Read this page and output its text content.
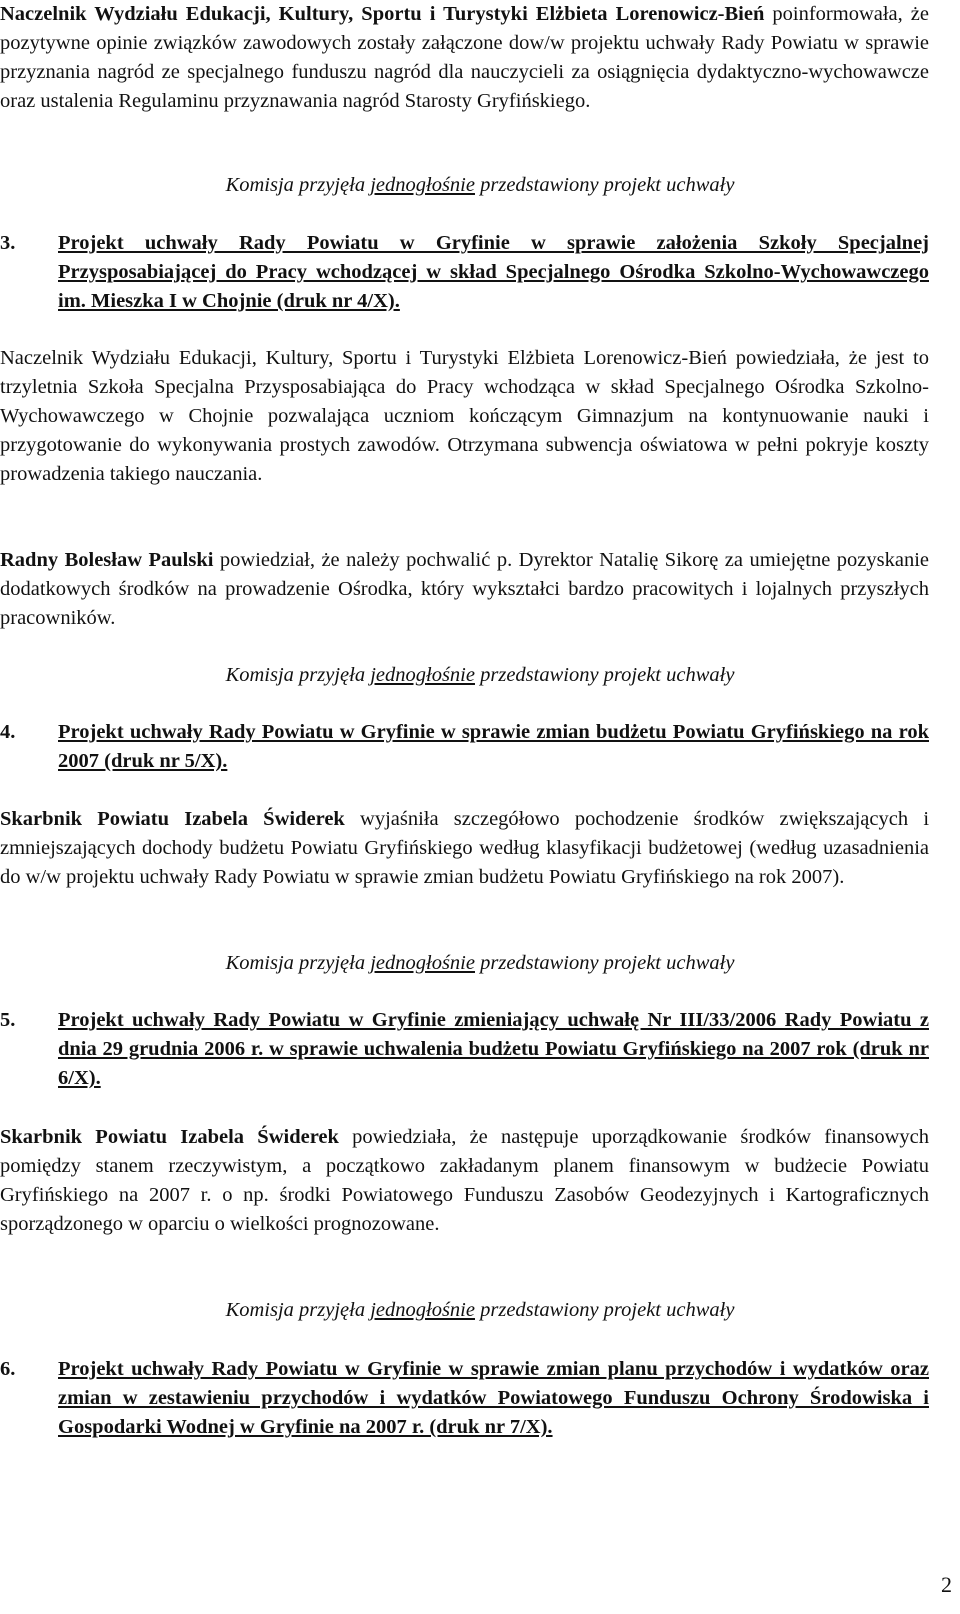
Naczelnik Wydziału Edukacji, Kultury, Sportu i Turystyki Elżbieta Lorenowicz-Bień poinformowała, że pozytywne opinie związków zawodowych zostały załączone dow/w projektu uchwały Rady Powiatu w sprawie przyznania nagród ze specjalnego funduszu nagród dla nauczycieli za osiągnięcia dydaktyczno-wychowawcze oraz ustalenia Regulaminu przyznawania nagród Starosty Gryfińskiego.

Komisja przyjęła jednogłośnie przedstawiony projekt uchwały

3. Projekt uchwały Rady Powiatu w Gryfinie w sprawie założenia Szkoły Specjalnej Przysposabiającej do Pracy wchodzącej w skład Specjalnego Ośrodka Szkolno-Wychowawczego im. Mieszka I w Chojnie (druk nr 4/X).

Naczelnik Wydziału Edukacji, Kultury, Sportu i Turystyki Elżbieta Lorenowicz-Bień powiedziała, że jest to trzyletnia Szkoła Specjalna Przysposabiająca do Pracy wchodząca w skład Specjalnego Ośrodka Szkolno-Wychowawczego w Chojnie pozwalająca uczniom kończącym Gimnazjum na kontynuowanie nauki i przygotowanie do wykonywania prostych zawodów. Otrzymana subwencja oświatowa w pełni pokryje koszty prowadzenia takiego nauczania.

Radny Bolesław Paulski powiedział, że należy pochwalić p. Dyrektor Natalię Sikorę za umiejętne pozyskanie dodatkowych środków na prowadzenie Ośrodka, który wykształci bardzo pracowitych i lojalnych przyszłych pracowników.

Komisja przyjęła jednogłośnie przedstawiony projekt uchwały

4. Projekt uchwały Rady Powiatu w Gryfinie w sprawie zmian budżetu Powiatu Gryfińskiego na rok 2007 (druk nr 5/X).

Skarbnik Powiatu Izabela Świderek wyjaśniła szczegółowo pochodzenie środków zwiększających i zmniejszających dochody budżetu Powiatu Gryfińskiego według klasyfikacji budżetowej (według uzasadnienia do w/w projektu uchwały Rady Powiatu w sprawie zmian budżetu Powiatu Gryfińskiego na rok 2007).

Komisja przyjęła jednogłośnie przedstawiony projekt uchwały

5. Projekt uchwały Rady Powiatu w Gryfinie zmieniający uchwałę Nr III/33/2006 Rady Powiatu z dnia 29 grudnia 2006 r. w sprawie uchwalenia budżetu Powiatu Gryfińskiego na 2007 rok (druk nr 6/X).

Skarbnik Powiatu Izabela Świderek powiedziała, że następuje uporządkowanie środków finansowych pomiędzy stanem rzeczywistym, a początkowo zakładanym planem finansowym w budżecie Powiatu Gryfińskiego na 2007 r. o np. środki Powiatowego Funduszu Zasobów Geodezyjnych i Kartograficznych sporządzonego w oparciu o wielkości prognozowane.

Komisja przyjęła jednogłośnie przedstawiony projekt uchwały

6. Projekt uchwały Rady Powiatu w Gryfinie w sprawie zmian planu przychodów i wydatków oraz zmian w zestawieniu przychodów i wydatków Powiatowego Funduszu Ochrony Środowiska i Gospodarki Wodnej w Gryfinie na 2007 r. (druk nr 7/X).

2
